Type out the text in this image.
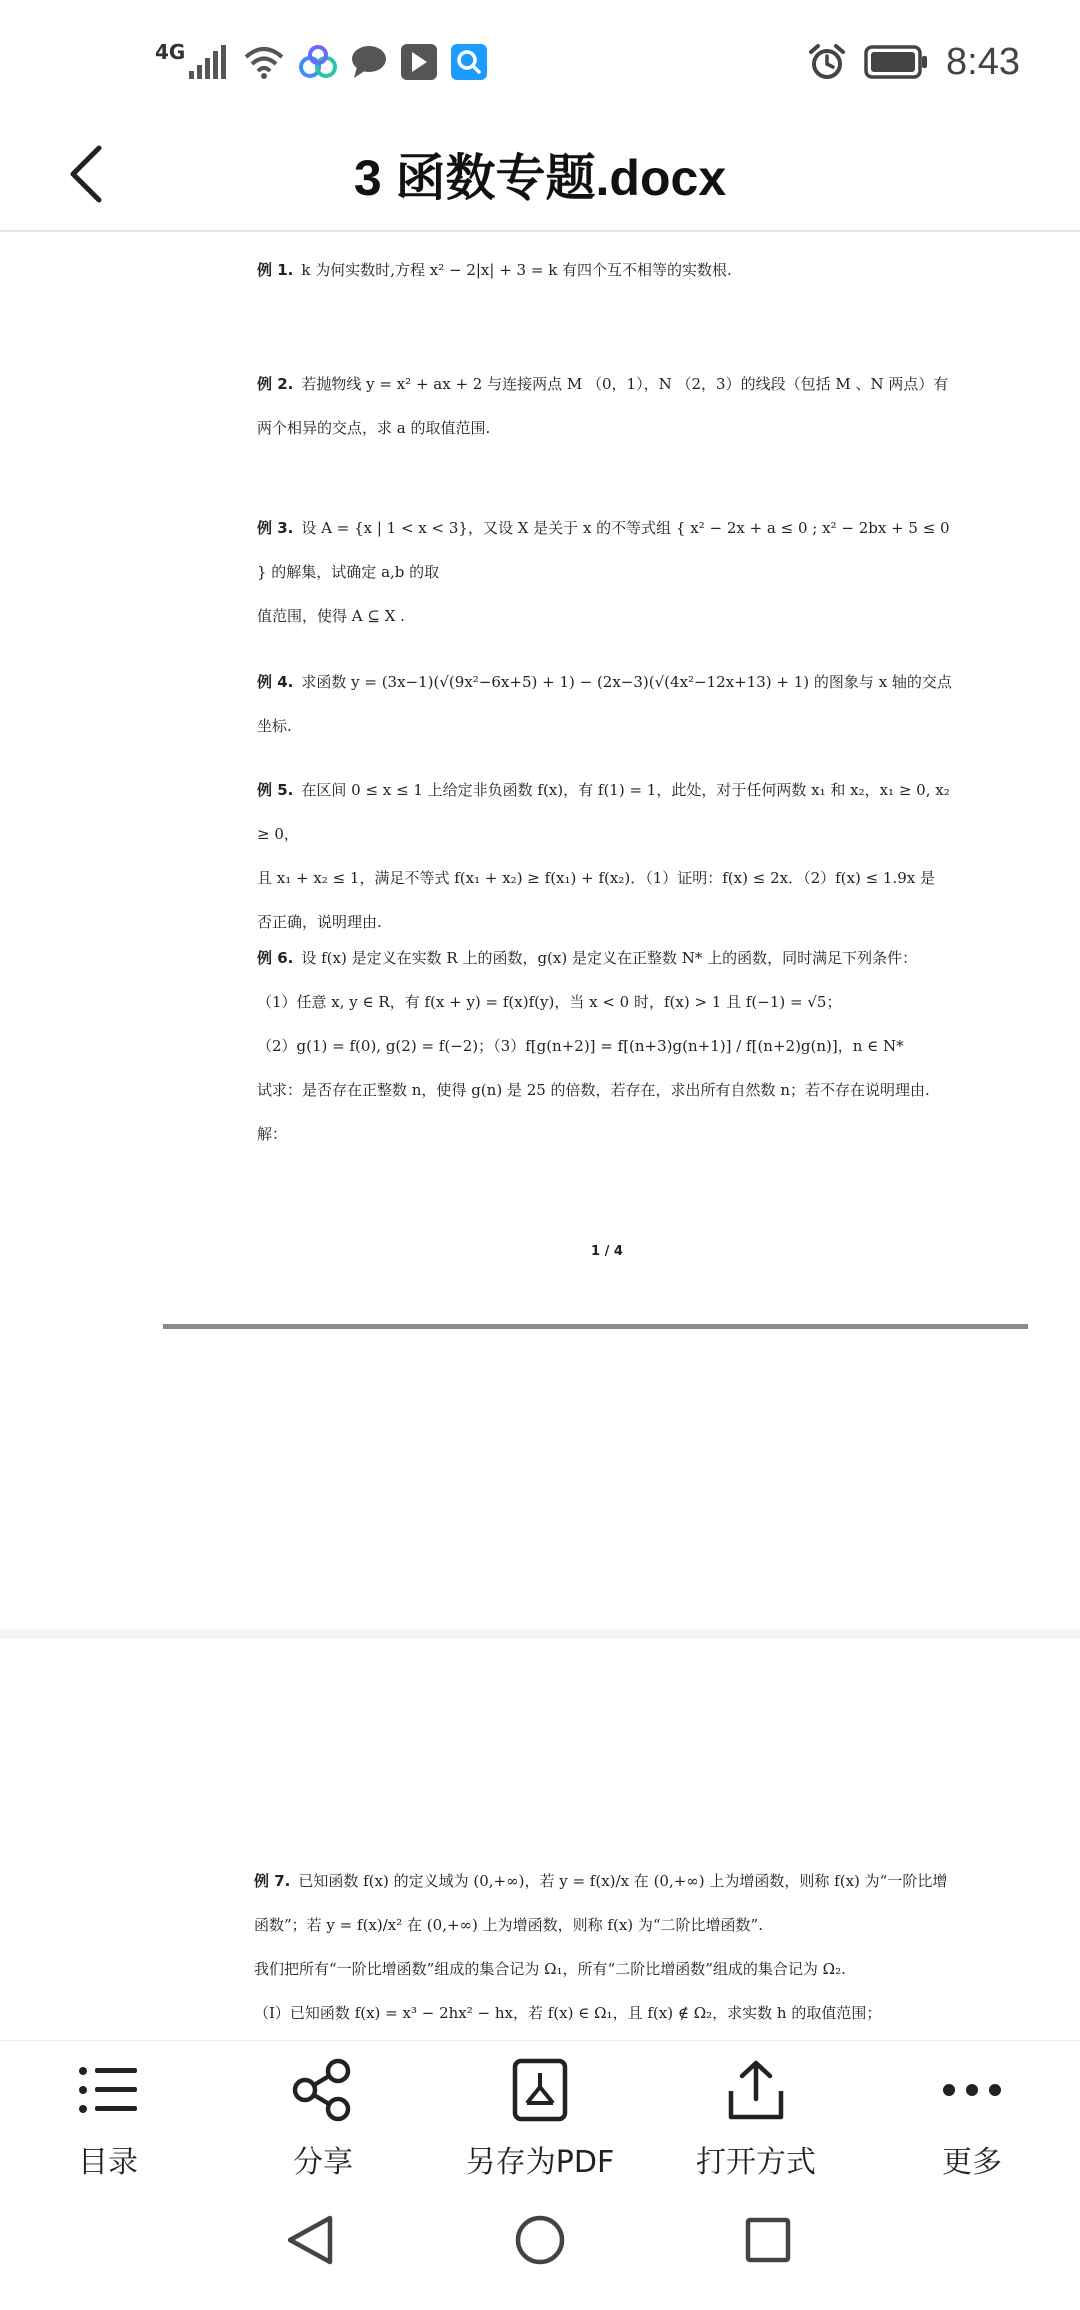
4G	8:43
3 函数专题.docx
例 1. k 为何实数时,方程 x² − 2|x| + 3 = k 有四个互不相等的实数根.
例 2. 若抛物线 y = x² + ax + 2 与连接两点 M （0，1），N （2，3）的线段（包括 M 、N 两点）有
两个相异的交点，求 a 的取值范围.
例 3. 设 A = {x | 1 < x < 3}，又设 X 是关于 x 的不等式组 { x² − 2x + a ≤ 0 ; x² − 2bx + 5 ≤ 0 } 的解集，试确定 a,b 的取
值范围，使得 A ⊆ X .
例 4. 求函数 y = (3x−1)(√(9x²−6x+5) + 1) − (2x−3)(√(4x²−12x+13) + 1) 的图象与 x 轴的交点坐标.
例 5. 在区间 0 ≤ x ≤ 1 上给定非负函数 f(x)，有 f(1) = 1，此处，对于任何两数 x₁ 和 x₂，x₁ ≥ 0, x₂ ≥ 0，
且 x₁ + x₂ ≤ 1，满足不等式 f(x₁ + x₂) ≥ f(x₁) + f(x₂)．（1）证明：f(x) ≤ 2x．（2）f(x) ≤ 1.9x 是
否正确，说明理由.
例 6. 设 f(x) 是定义在实数 R 上的函数，g(x) 是定义在正整数 N* 上的函数，同时满足下列条件：
（1）任意 x, y ∈ R，有 f(x + y) = f(x)f(y)，当 x < 0 时，f(x) > 1 且 f(−1) = √5；
（2）g(1) = f(0), g(2) = f(−2)；（3）f[g(n+2)] = f[(n+3)g(n+1)] / f[(n+2)g(n)]，n ∈ N*
试求：是否存在正整数 n，使得 g(n) 是 25 的倍数，若存在，求出所有自然数 n；若不存在说明理由.
解：
1 / 4
例 7. 已知函数 f(x) 的定义域为 (0,+∞)，若 y = f(x)/x 在 (0,+∞) 上为增函数，则称 f(x) 为“一阶比增
函数”；若 y = f(x)/x² 在 (0,+∞) 上为增函数，则称 f(x) 为“二阶比增函数”.
我们把所有“一阶比增函数”组成的集合记为 Ω₁，所有“二阶比增函数”组成的集合记为 Ω₂.
（Ⅰ）已知函数 f(x) = x³ − 2hx² − hx，若 f(x) ∈ Ω₁，且 f(x) ∉ Ω₂，求实数 h 的取值范围；
目录	分享	另存为PDF	打开方式	更多
